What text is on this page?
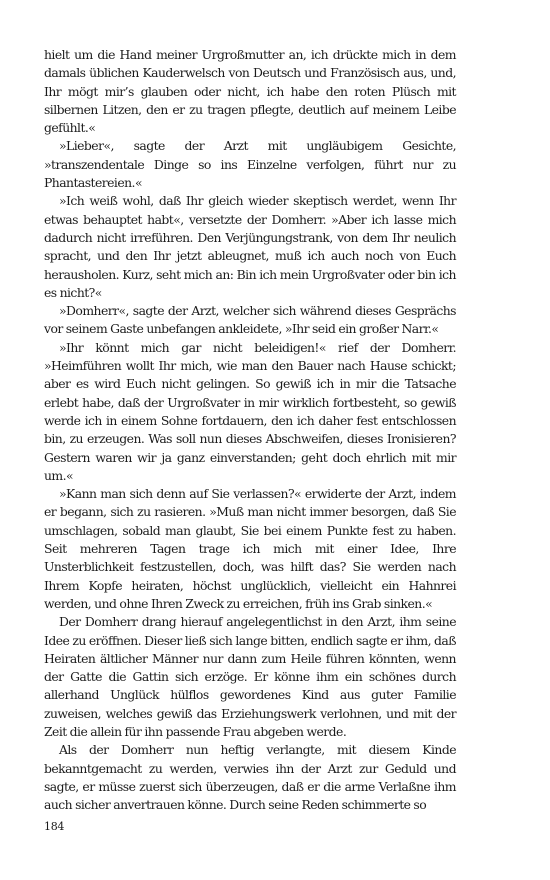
hielt um die Hand meiner Urgroßmutter an, ich drückte mich in dem damals üblichen Kauderwelsch von Deutsch und Französisch aus, und, Ihr mögt mir’s glauben oder nicht, ich habe den roten Plüsch mit silbernen Litzen, den er zu tragen pflegte, deutlich auf meinem Leibe gefühlt.«

»Lieber«, sagte der Arzt mit ungläubigem Gesichte, »transzendentale Dinge so ins Einzelne verfolgen, führt nur zu Phantastereien.«

»Ich weiß wohl, daß Ihr gleich wieder skeptisch werdet, wenn Ihr etwas behauptet habt«, versetzte der Domherr. »Aber ich lasse mich dadurch nicht irreführen. Den Verjüngungstrank, von dem Ihr neulich spracht, und den Ihr jetzt ableugnet, muß ich auch noch von Euch herausholen. Kurz, seht mich an: Bin ich mein Urgroßvater oder bin ich es nicht?«

»Domherr«, sagte der Arzt, welcher sich während dieses Gesprächs vor seinem Gaste unbefangen ankleidete, »Ihr seid ein großer Narr.«

»Ihr könnt mich gar nicht beleidigen!« rief der Domherr. »Heimführen wollt Ihr mich, wie man den Bauer nach Hause schickt; aber es wird Euch nicht gelingen. So gewiß ich in mir die Tatsache erlebt habe, daß der Urgroßvater in mir wirklich fortbesteht, so gewiß werde ich in einem Sohne fortdauern, den ich daher fest entschlossen bin, zu erzeugen. Was soll nun dieses Abschweifen, dieses Ironisieren? Gestern waren wir ja ganz einverstanden; geht doch ehrlich mit mir um.«

»Kann man sich denn auf Sie verlassen?« erwiderte der Arzt, indem er begann, sich zu rasieren. »Muß man nicht immer besorgen, daß Sie umschlagen, sobald man glaubt, Sie bei einem Punkte fest zu haben. Seit mehreren Tagen trage ich mich mit einer Idee, Ihre Unsterblichkeit festzustellen, doch, was hilft das? Sie werden nach Ihrem Kopfe heiraten, höchst unglücklich, vielleicht ein Hahnrei werden, und ohne Ihren Zweck zu erreichen, früh ins Grab sinken.«

Der Domherr drang hierauf angelegentlichst in den Arzt, ihm seine Idee zu eröffnen. Dieser ließ sich lange bitten, endlich sagte er ihm, daß Heiraten ältlicher Männer nur dann zum Heile führen könnten, wenn der Gatte die Gattin sich erzöge. Er könne ihm ein schönes durch allerhand Unglück hülflos gewordenes Kind aus guter Familie zuweisen, welches gewiß das Erziehungswerk verlohnen, und mit der Zeit die allein für ihn passende Frau abgeben werde.

Als der Domherr nun heftig verlangte, mit diesem Kinde bekanntgemacht zu werden, verwies ihn der Arzt zur Geduld und sagte, er müsse zuerst sich überzeugen, daß er die arme Verlaßne ihm auch sicher anvertrauen könne. Durch seine Reden schimmerte so

184
